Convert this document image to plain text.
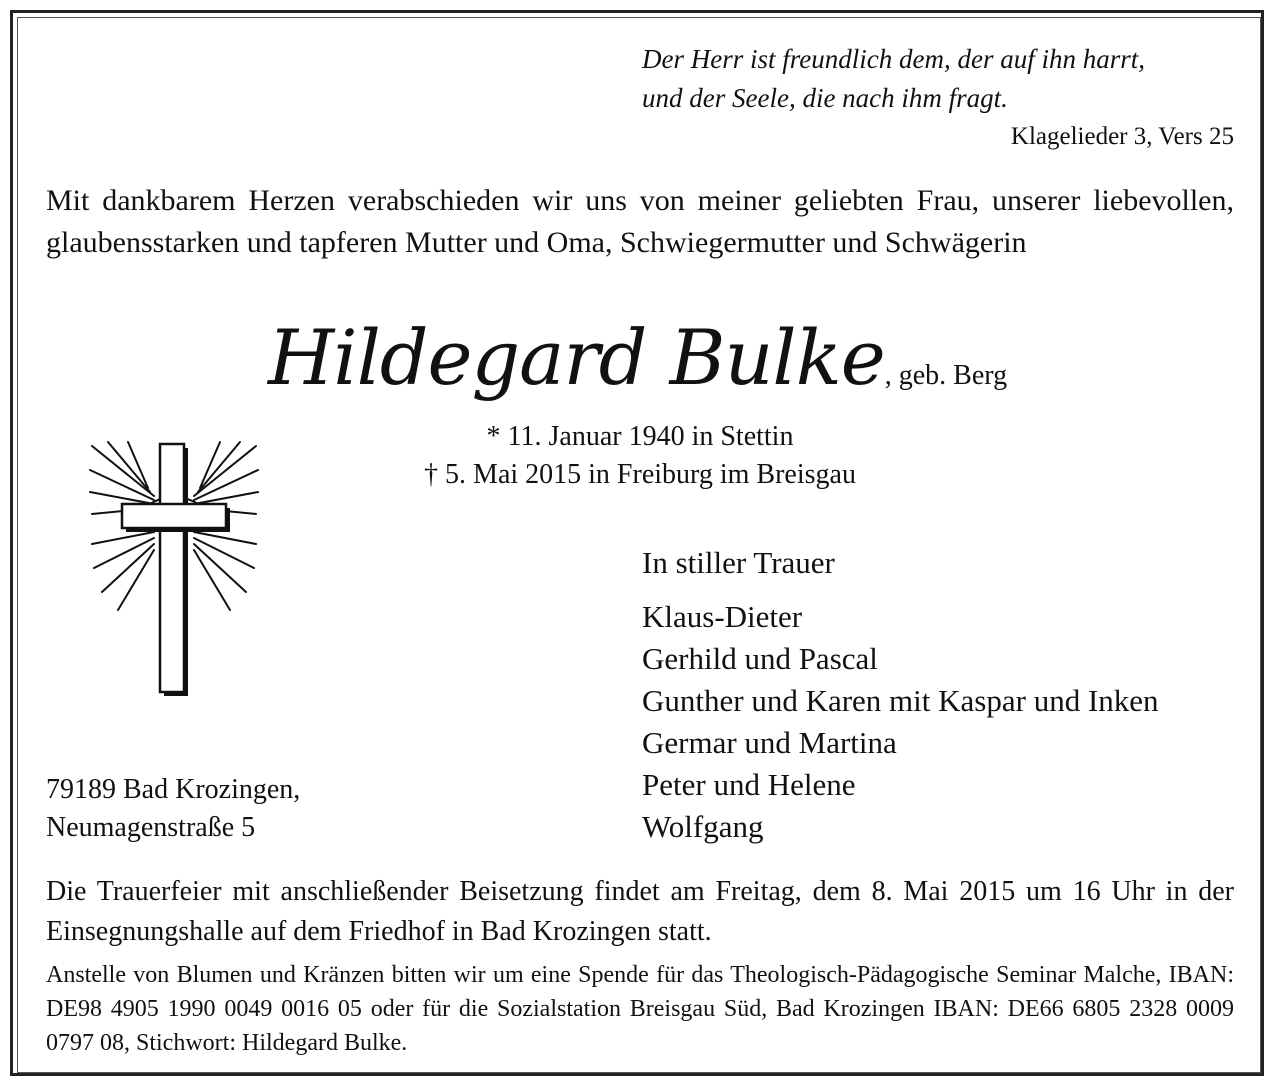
Der Herr ist freundlich dem, der auf ihn harrt,
und der Seele, die nach ihm fragt.
Klagelieder 3, Vers 25

Mit dankbarem Herzen verabschieden wir uns von meiner geliebten Frau, unserer liebevollen, glaubensstarken und tapferen Mutter und Oma, Schwiegermutter und Schwägerin

Hildegard Bulke, geb. Berg
* 11. Januar 1940 in Stettin
† 5. Mai 2015 in Freiburg im Breisgau
In stiller Trauer
Klaus-Dieter
Gerhild und Pascal
Gunther und Karen mit Kaspar und Inken
Germar und Martina
Peter und Helene
Wolfgang
79189 Bad Krozingen,
Neumagenstraße 5

Die Trauerfeier mit anschließender Beisetzung findet am Freitag, dem 8. Mai 2015 um 16 Uhr in der Einsegnungshalle auf dem Friedhof in Bad Krozingen statt.

Anstelle von Blumen und Kränzen bitten wir um eine Spende für das Theologisch-Pädagogische Seminar Malche, IBAN: DE98 4905 1990 0049 0016 05 oder für die Sozialstation Breisgau Süd, Bad Krozingen IBAN: DE66 6805 2328 0009 0797 08, Stichwort: Hildegard Bulke.
